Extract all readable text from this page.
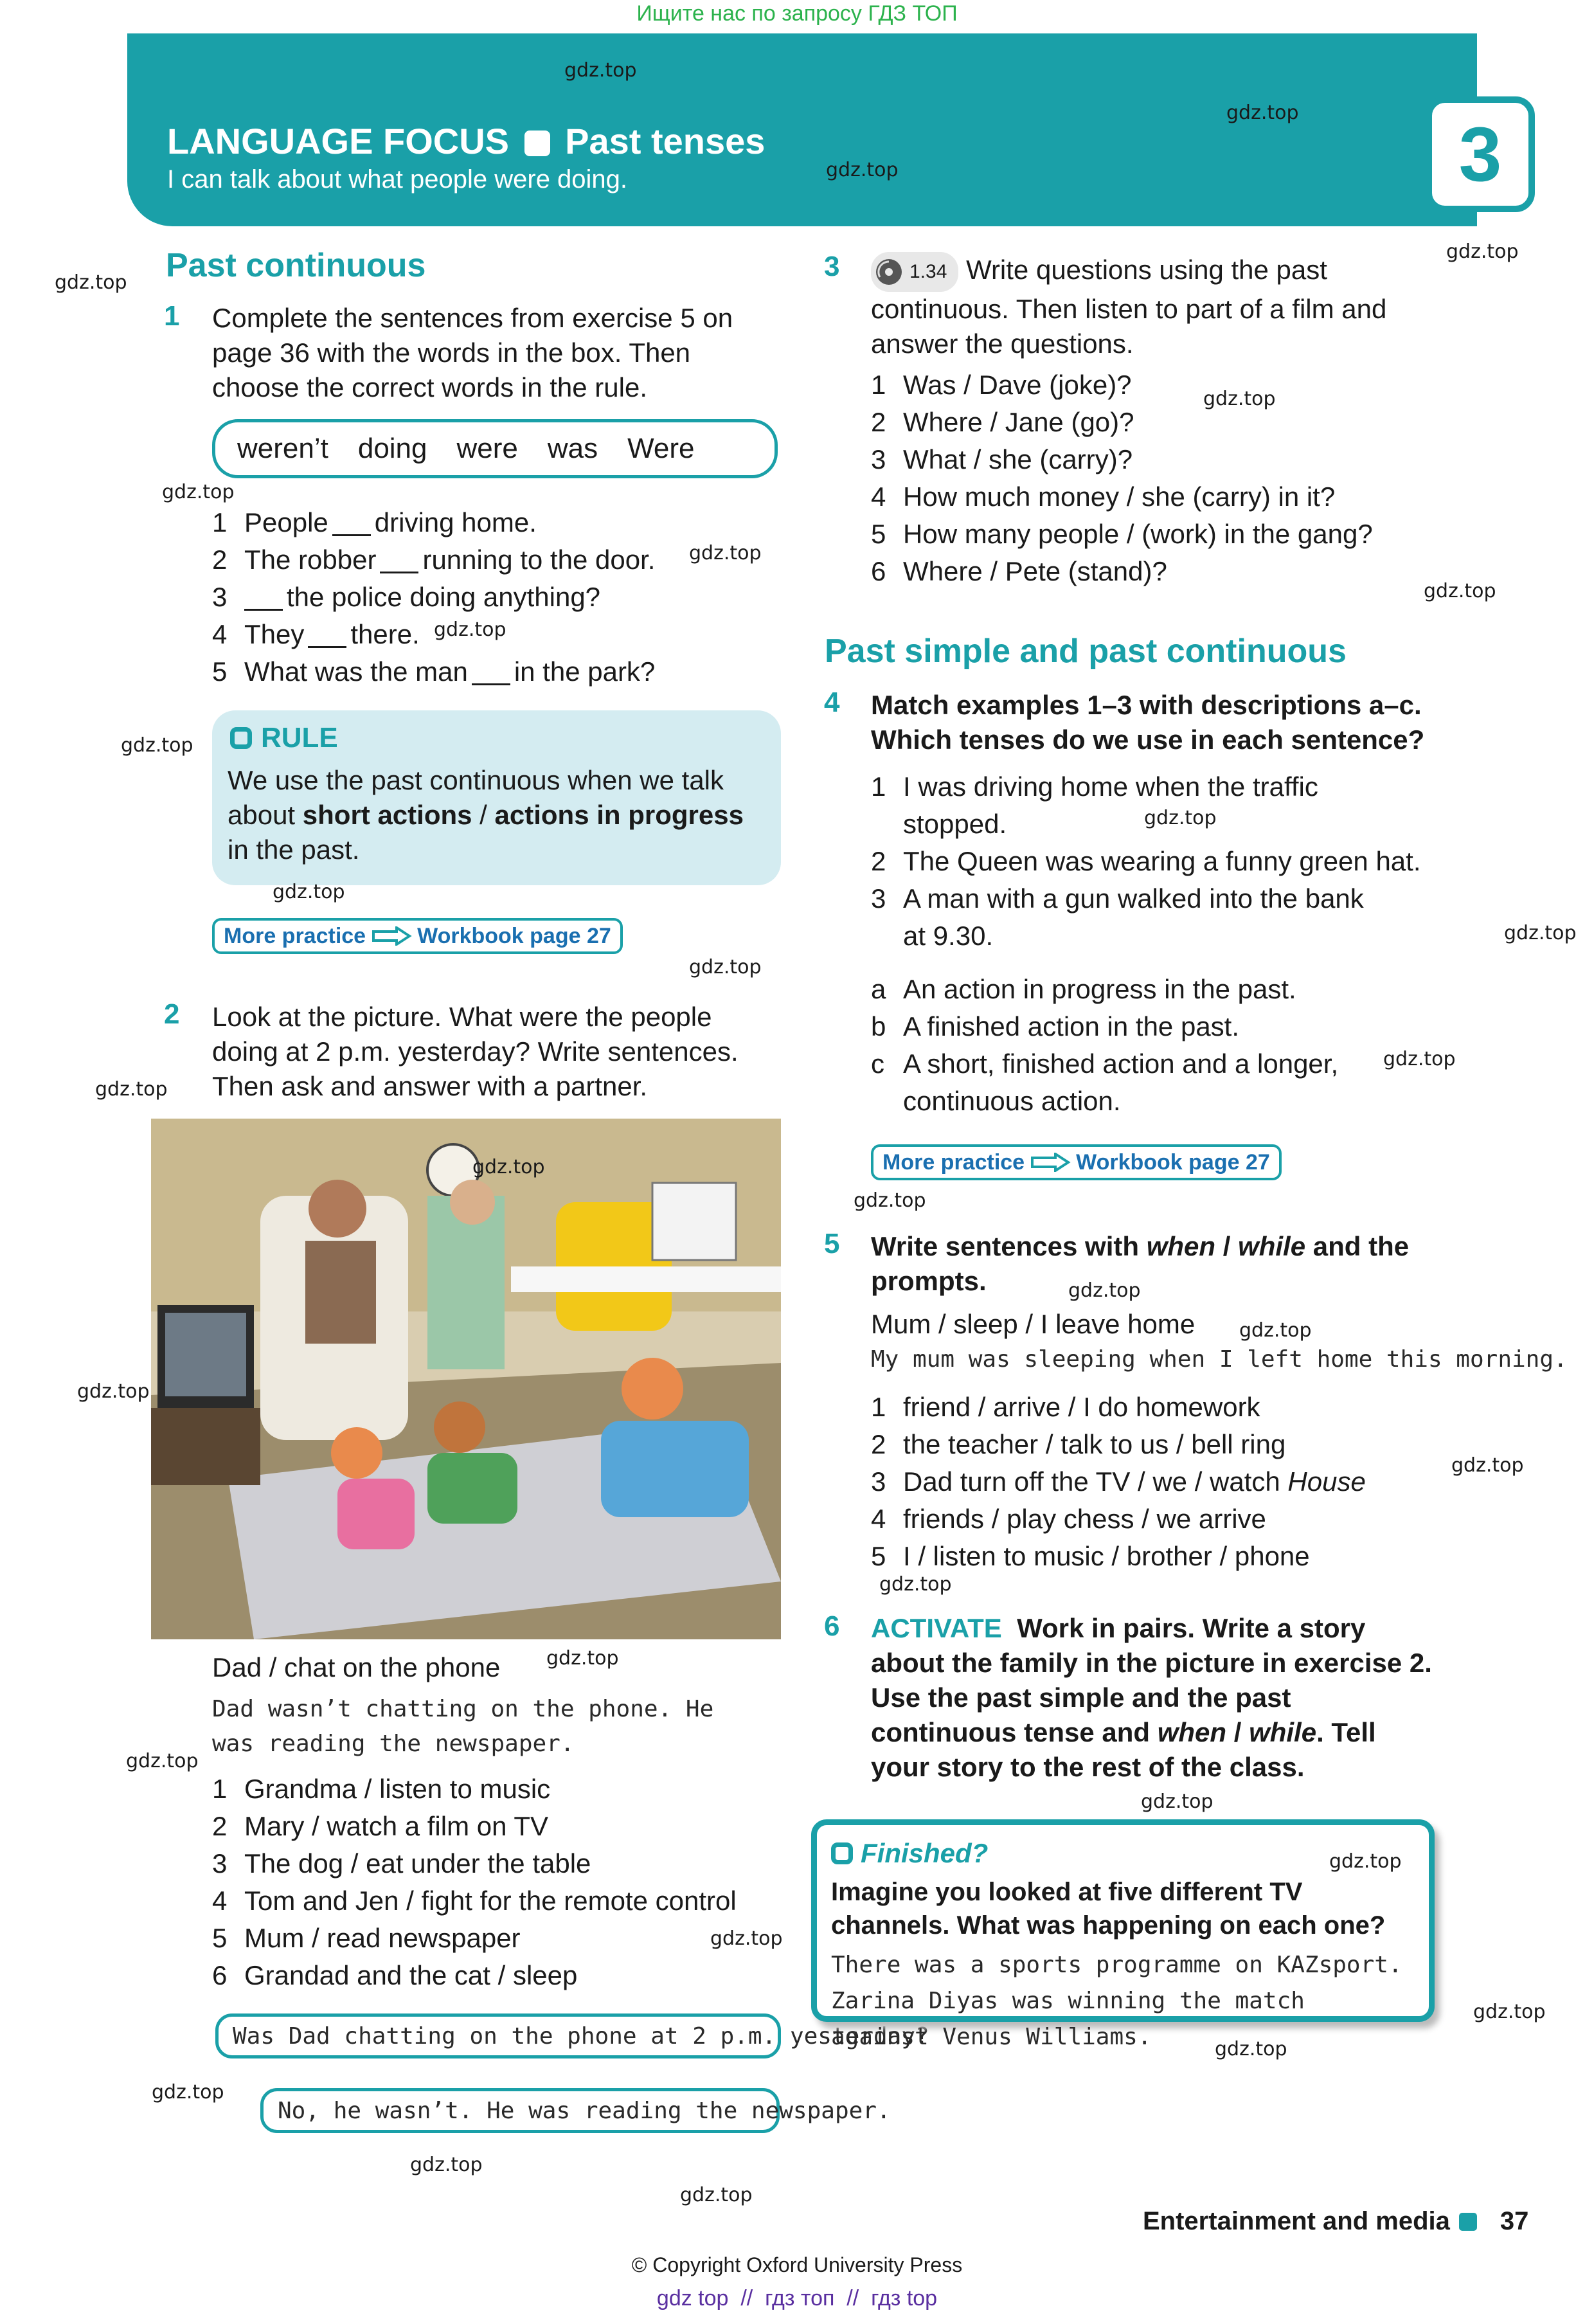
Ищите нас по запросу ГДЗ ТОП
LANGUAGE FOCUS Past tenses
I can talk about what people were doing.	3
Past continuous
1 Complete the sentences from exercise 5 on page 36 with the words in the box. Then choose the correct words in the rule.
weren’t doing were was Were
1 People driving home.
2 The robber running to the door.
3	the police doing anything?
4 They there.
5 What was the man in the park?
RULE
We use the past continuous when we talk about short actions / actions in progress in the past.
More practice Workbook page 27
2 Look at the picture. What were the people doing at 2 p.m. yesterday? Write sentences. Then ask and answer with a partner.
Dad / chat on the phone
Dad wasn’t chatting on the phone. He was reading the newspaper.
1 Grandma / listen to music
2 Mary / watch a film on TV
3 The dog / eat under the table
4 Tom and Jen / fight for the remote control
5 Mum / read newspaper
6 Grandad and the cat / sleep
Was Dad chatting on the phone at 2 p.m. yesterday?
No, he wasn’t. He was reading the newspaper.
3	1.34 Write questions using the past continuous. Then listen to part of a film and answer the questions.
1 Was / Dave (joke)?
2 Where / Jane (go)?
3 What / she (carry)?
4 How much money / she (carry) in it?
5 How many people / (work) in the gang?
6 Where / Pete (stand)?
Past simple and past continuous
4 Match examples 1–3 with descriptions a–c. Which tenses do we use in each sentence?
1 I was driving home when the traffic
stopped.
2 The Queen was wearing a funny green hat.
3 A man with a gun walked into the bank
at 9.30.
a An action in progress in the past.
b A finished action in the past.
c A short, finished action and a longer,
continuous action.
More practice Workbook page 27
5 Write sentences with when / while and the prompts.
Mum / sleep / I leave home
My mum was sleeping when I left home this morning.
1 friend / arrive / I do homework
2 the teacher / talk to us / bell ring
3 Dad turn off the TV / we / watch House
4 friends / play chess / we arrive
5 I / listen to music / brother / phone
6 ACTIVATE Work in pairs. Write a story about the family in the picture in exercise 2. Use the past simple and the past continuous tense and when / while. Tell your story to the rest of the class.
Finished?
Imagine you looked at five different TV channels. What was happening on each one?
There was a sports programme on KAZsport. Zarina Diyas was winning the match against Venus Williams.
Entertainment and media 37
© Copyright Oxford University Press
gdz top  //  гдз топ  //  гдз top
gdz.top
gdz.top
gdz.top
gdz.top
gdz.top
gdz.top
gdz.top
gdz.top
gdz.top
gdz.top
gdz.top
gdz.top
gdz.top
gdz.top
gdz.top
gdz.top
gdz.top
gdz.top
gdz.top
gdz.top
gdz.top
gdz.top
gdz.top
gdz.top
gdz.top
gdz.top
gdz.top
gdz.top
gdz.top
gdz.top
gdz.top
gdz.top
gdz.top
gdz.top
